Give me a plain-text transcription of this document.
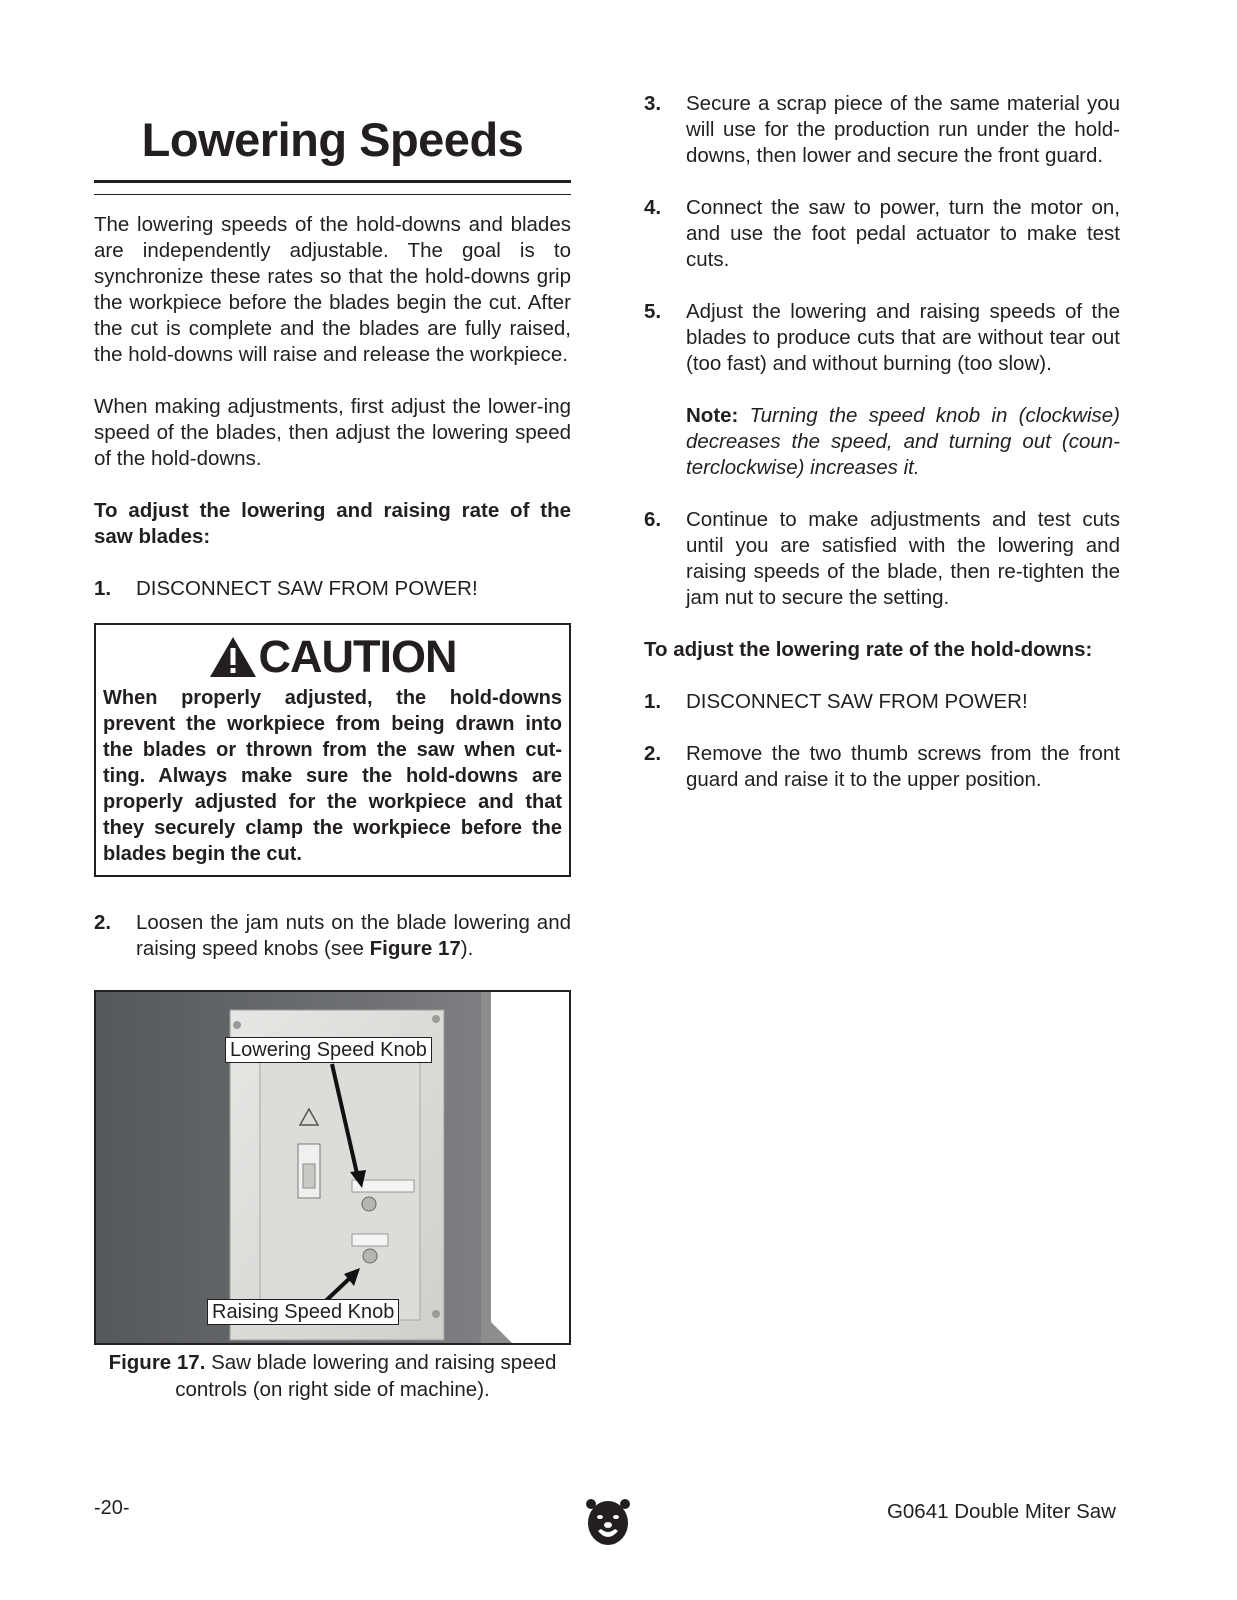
Lowering Speeds

The lowering speeds of the hold-downs and blades are independently adjustable. The goal is to synchronize these rates so that the hold-downs grip the workpiece before the blades begin the cut. After the cut is complete and the blades are fully raised, the hold-downs will raise and release the workpiece.

When making adjustments, first adjust the lower-ing speed of the blades, then adjust the lowering speed of the hold-downs.

To adjust the lowering and raising rate of the saw blades:

1. DISCONNECT SAW FROM POWER!
CAUTION
When properly adjusted, the hold-downs prevent the workpiece from being drawn into the blades or thrown from the saw when cut-ting. Always make sure the hold-downs are properly adjusted for the workpiece and that they securely clamp the workpiece before the blades begin the cut.
2. Loosen the jam nuts on the blade lowering and raising speed knobs (see Figure 17).
Lowering Speed Knob
Raising Speed Knob
Figure 17. Saw blade lowering and raising speed controls (on right side of machine).
3. Secure a scrap piece of the same material you will use for the production run under the hold-downs, then lower and secure the front guard.
4. Connect the saw to power, turn the motor on, and use the foot pedal actuator to make test cuts.
5. Adjust the lowering and raising speeds of the blades to produce cuts that are without tear out (too fast) and without burning (too slow).
Note: Turning the speed knob in (clockwise) decreases the speed, and turning out (coun-terclockwise) increases it.
6. Continue to make adjustments and test cuts until you are satisfied with the lowering and raising speeds of the blade, then re-tighten the jam nut to secure the setting.

To adjust the lowering rate of the hold-downs:

1. DISCONNECT SAW FROM POWER!
2. Remove the two thumb screws from the front guard and raise it to the upper position.
-20-	G0641 Double Miter Saw
